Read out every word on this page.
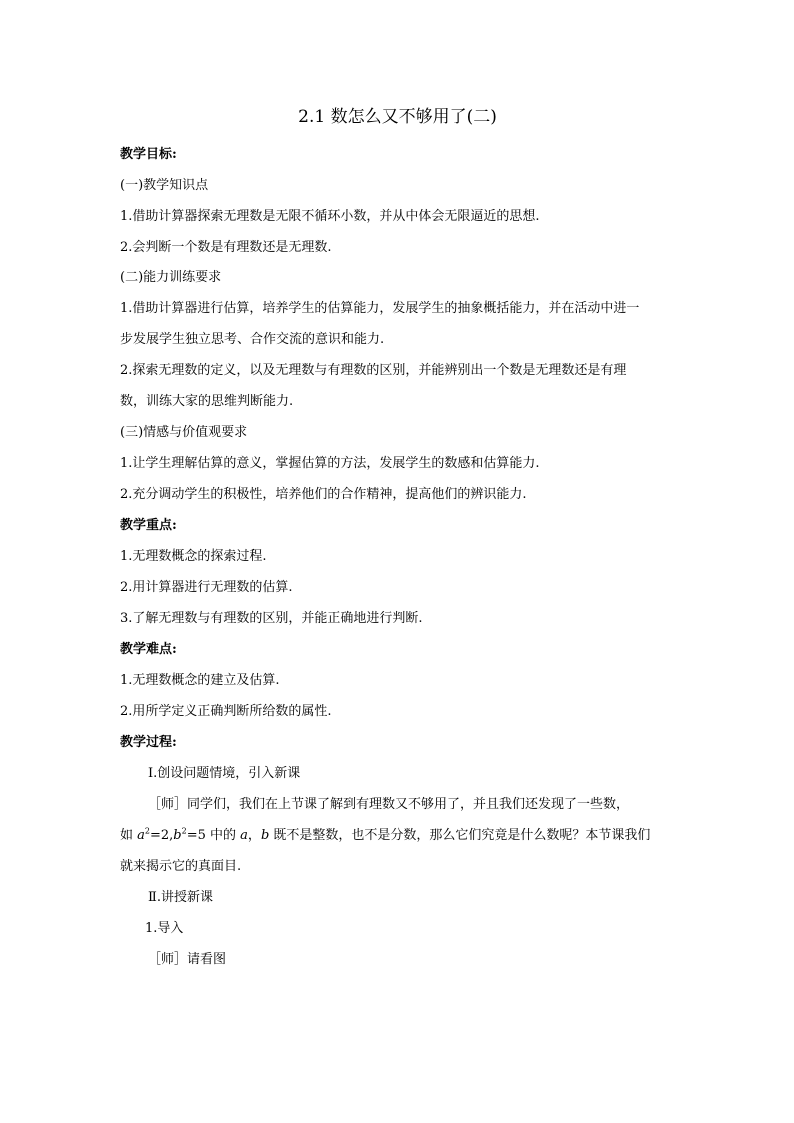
2.1 数怎么又不够用了(二)
教学目标:
(一)教学知识点
1.借助计算器探索无理数是无限不循环小数，并从中体会无限逼近的思想.
2.会判断一个数是有理数还是无理数.
(二)能力训练要求
1.借助计算器进行估算，培养学生的估算能力，发展学生的抽象概括能力，并在活动中进一
步发展学生独立思考、合作交流的意识和能力.
2.探索无理数的定义，以及无理数与有理数的区别，并能辨别出一个数是无理数还是有理
数，训练大家的思维判断能力.
(三)情感与价值观要求
1.让学生理解估算的意义，掌握估算的方法，发展学生的数感和估算能力.
2.充分调动学生的积极性，培养他们的合作精神，提高他们的辨识能力.
教学重点:
1.无理数概念的探索过程.
2.用计算器进行无理数的估算.
3.了解无理数与有理数的区别，并能正确地进行判断.
教学难点:
1.无理数概念的建立及估算.
2.用所学定义正确判断所给数的属性.
教学过程:
Ⅰ.创设问题情境，引入新课
［师］同学们，我们在上节课了解到有理数又不够用了，并且我们还发现了一些数，
如 $a^2=2,b^2=5$ 中的 a，b 既不是整数，也不是分数，那么它们究竟是什么数呢？本节课我们
就来揭示它的真面目.
Ⅱ.讲授新课
1.导入
［师］请看图
